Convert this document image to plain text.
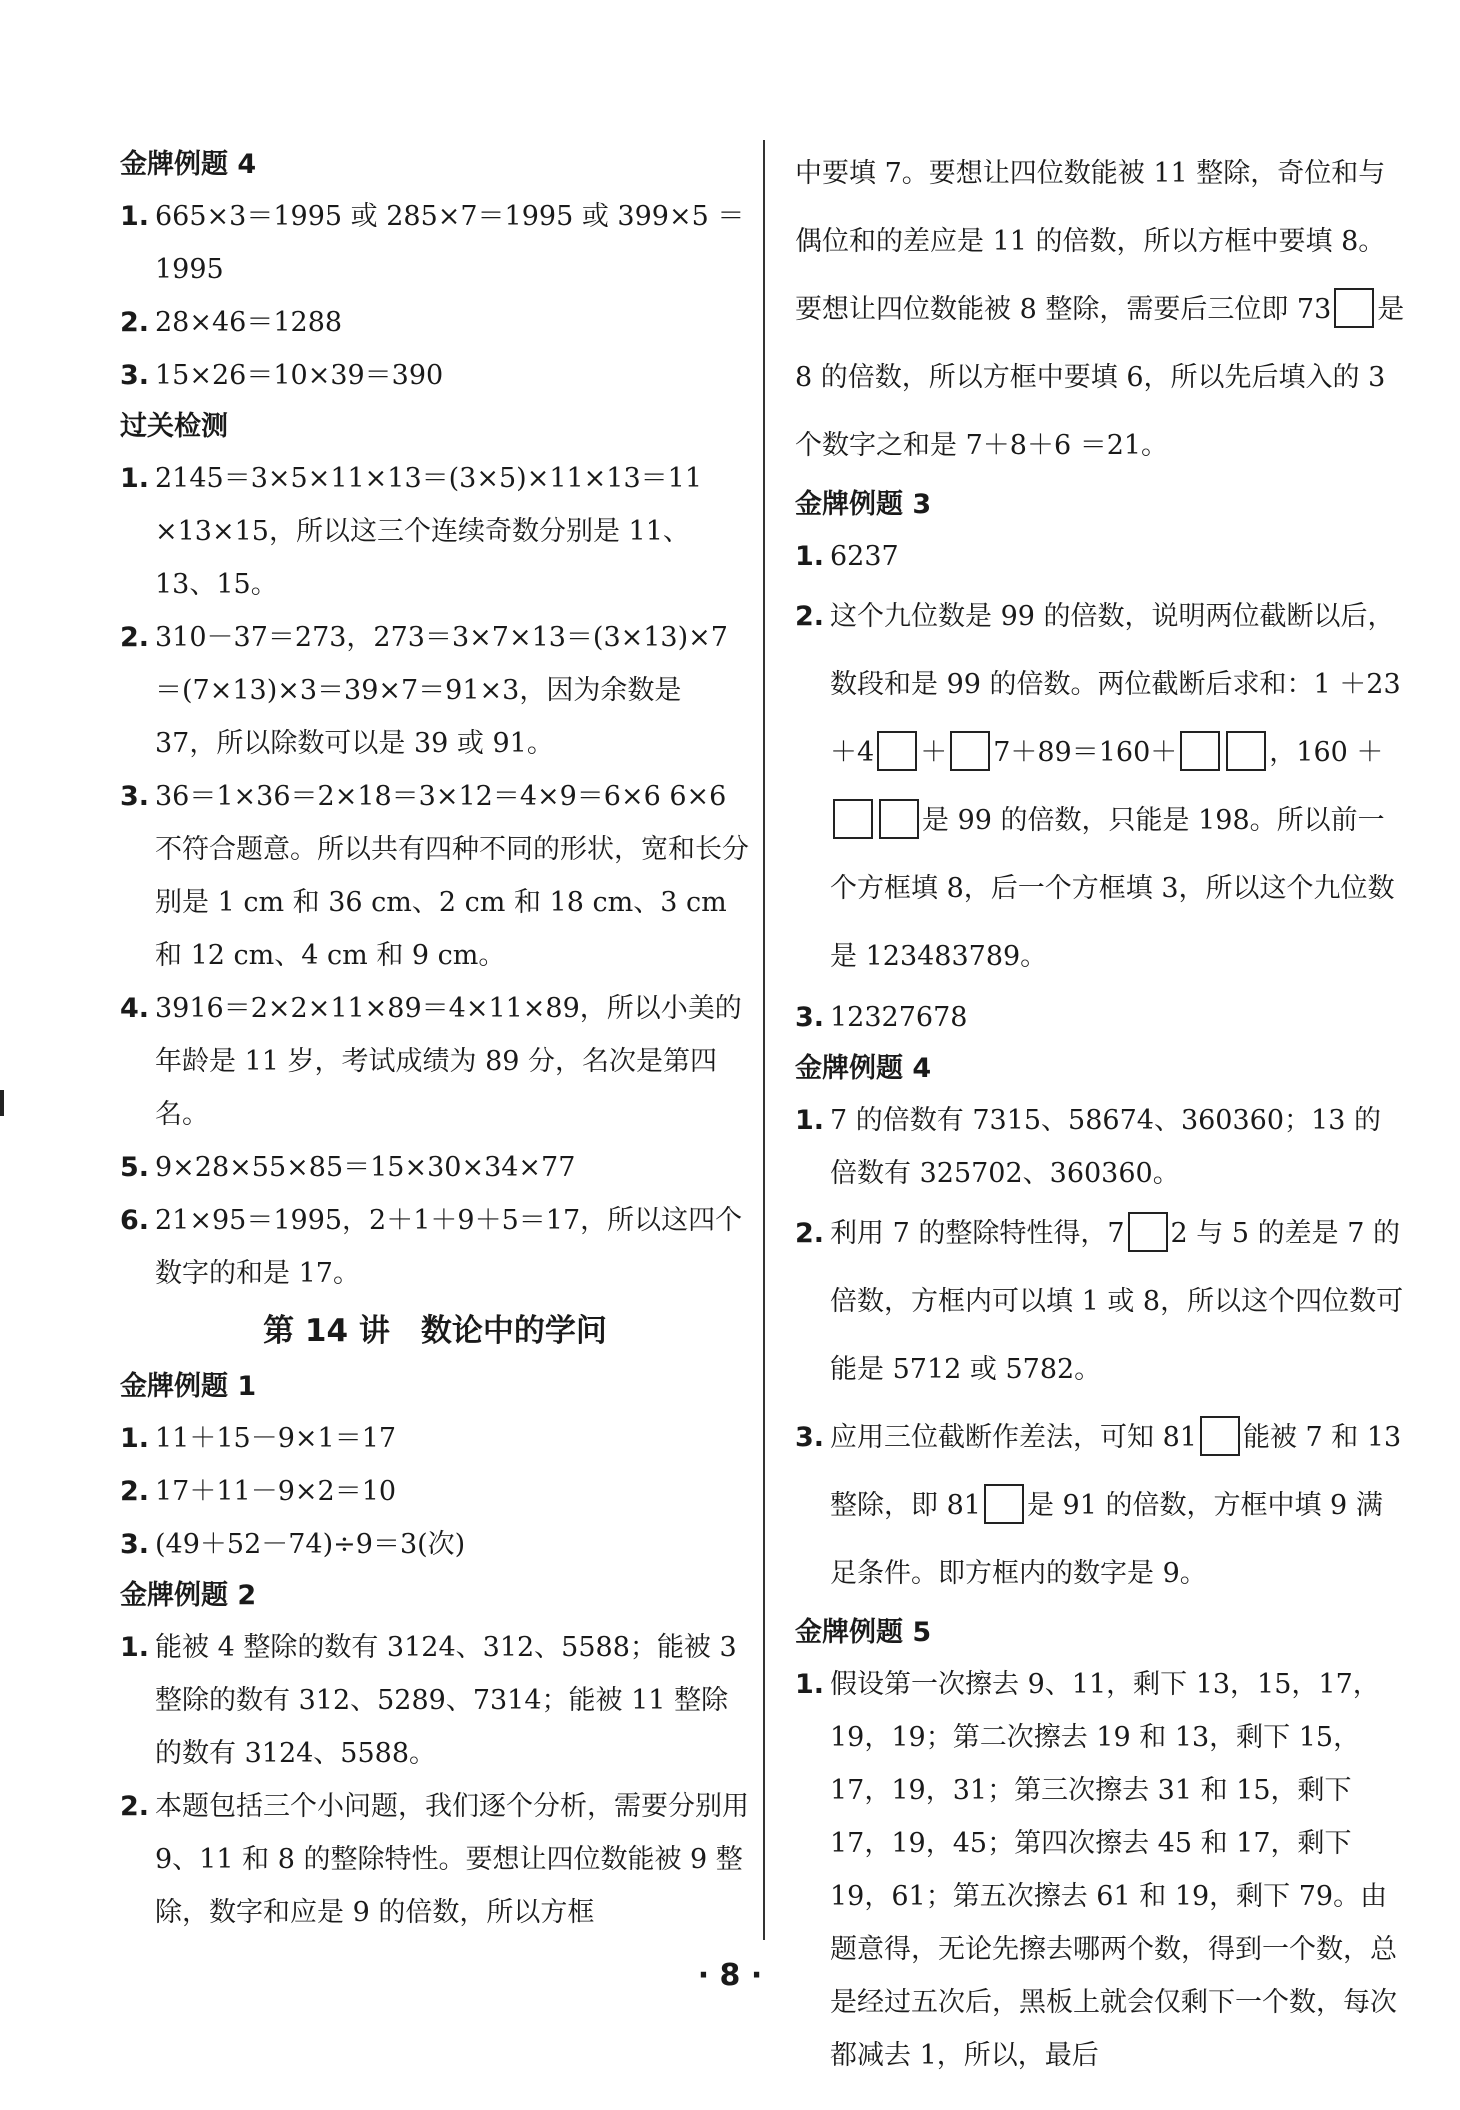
金牌例题 4

1. 665×3＝1995 或 285×7＝1995 或 399×5 ＝1995

2. 28×46＝1288

3. 15×26＝10×39＝390

过关检测

1. 2145＝3×5×11×13＝(3×5)×11×13＝11 ×13×15，所以这三个连续奇数分别是 11、13、15。

2. 310－37＝273，273＝3×7×13＝(3×13)×7 ＝(7×13)×3＝39×7＝91×3，因为余数是 37，所以除数可以是 39 或 91。

3. 36＝1×36＝2×18＝3×12＝4×9＝6×6 6×6 不符合题意。所以共有四种不同的形状，宽和长分别是 1 cm 和 36 cm、2 cm 和 18 cm、3 cm 和 12 cm、4 cm 和 9 cm。

4. 3916＝2×2×11×89＝4×11×89，所以小美的年龄是 11 岁，考试成绩为 89 分，名次是第四名。

5. 9×28×55×85＝15×30×34×77

6. 21×95＝1995，2＋1＋9＋5＝17，所以这四个数字的和是 17。

第 14 讲　数论中的学问

金牌例题 1

1. 11＋15－9×1＝17

2. 17＋11－9×2＝10

3. (49＋52－74)÷9＝3(次)

金牌例题 2

1. 能被 4 整除的数有 3124、312、5588；能被 3 整除的数有 312、5289、7314；能被 11 整除的数有 3124、5588。

2. 本题包括三个小问题，我们逐个分析，需要分别用 9、11 和 8 的整除特性。要想让四位数能被 9 整除，数字和应是 9 的倍数，所以方框

中要填 7。要想让四位数能被 11 整除，奇位和与偶位和的差应是 11 的倍数，所以方框中要填 8。要想让四位数能被 8 整除，需要后三位即 73 是 8 的倍数，所以方框中要填 6，所以先后填入的 3 个数字之和是 7＋8＋6 ＝21。

金牌例题 3

1. 6237

2. 这个九位数是 99 的倍数，说明两位截断以后，数段和是 99 的倍数。两位截断后求和：1 ＋23＋4 ＋ 7＋89＝160＋	，160 ＋是 99 的倍数，只能是 198。所以前一个方框填 8，后一个方框填 3，所以这个九位数是 123483789。

3. 12327678

金牌例题 4

1. 7 的倍数有 7315、58674、360360；13 的倍数有 325702、360360。

2. 利用 7 的整除特性得，7 2 与 5 的差是 7 的倍数，方框内可以填 1 或 8，所以这个四位数可能是 5712 或 5782。

3. 应用三位截断作差法，可知 81 能被 7 和 13 整除，即 81 是 91 的倍数，方框中填 9 满足条件。即方框内的数字是 9。

金牌例题 5

1. 假设第一次擦去 9、11，剩下 13，15，17，19，19；第二次擦去 19 和 13，剩下 15，17，19，31；第三次擦去 31 和 15，剩下 17，19，45；第四次擦去 45 和 17，剩下 19，61；第五次擦去 61 和 19，剩下 79。由题意得，无论先擦去哪两个数，得到一个数，总是经过五次后，黑板上就会仅剩下一个数，每次都减去 1，所以，最后

· 8 ·
